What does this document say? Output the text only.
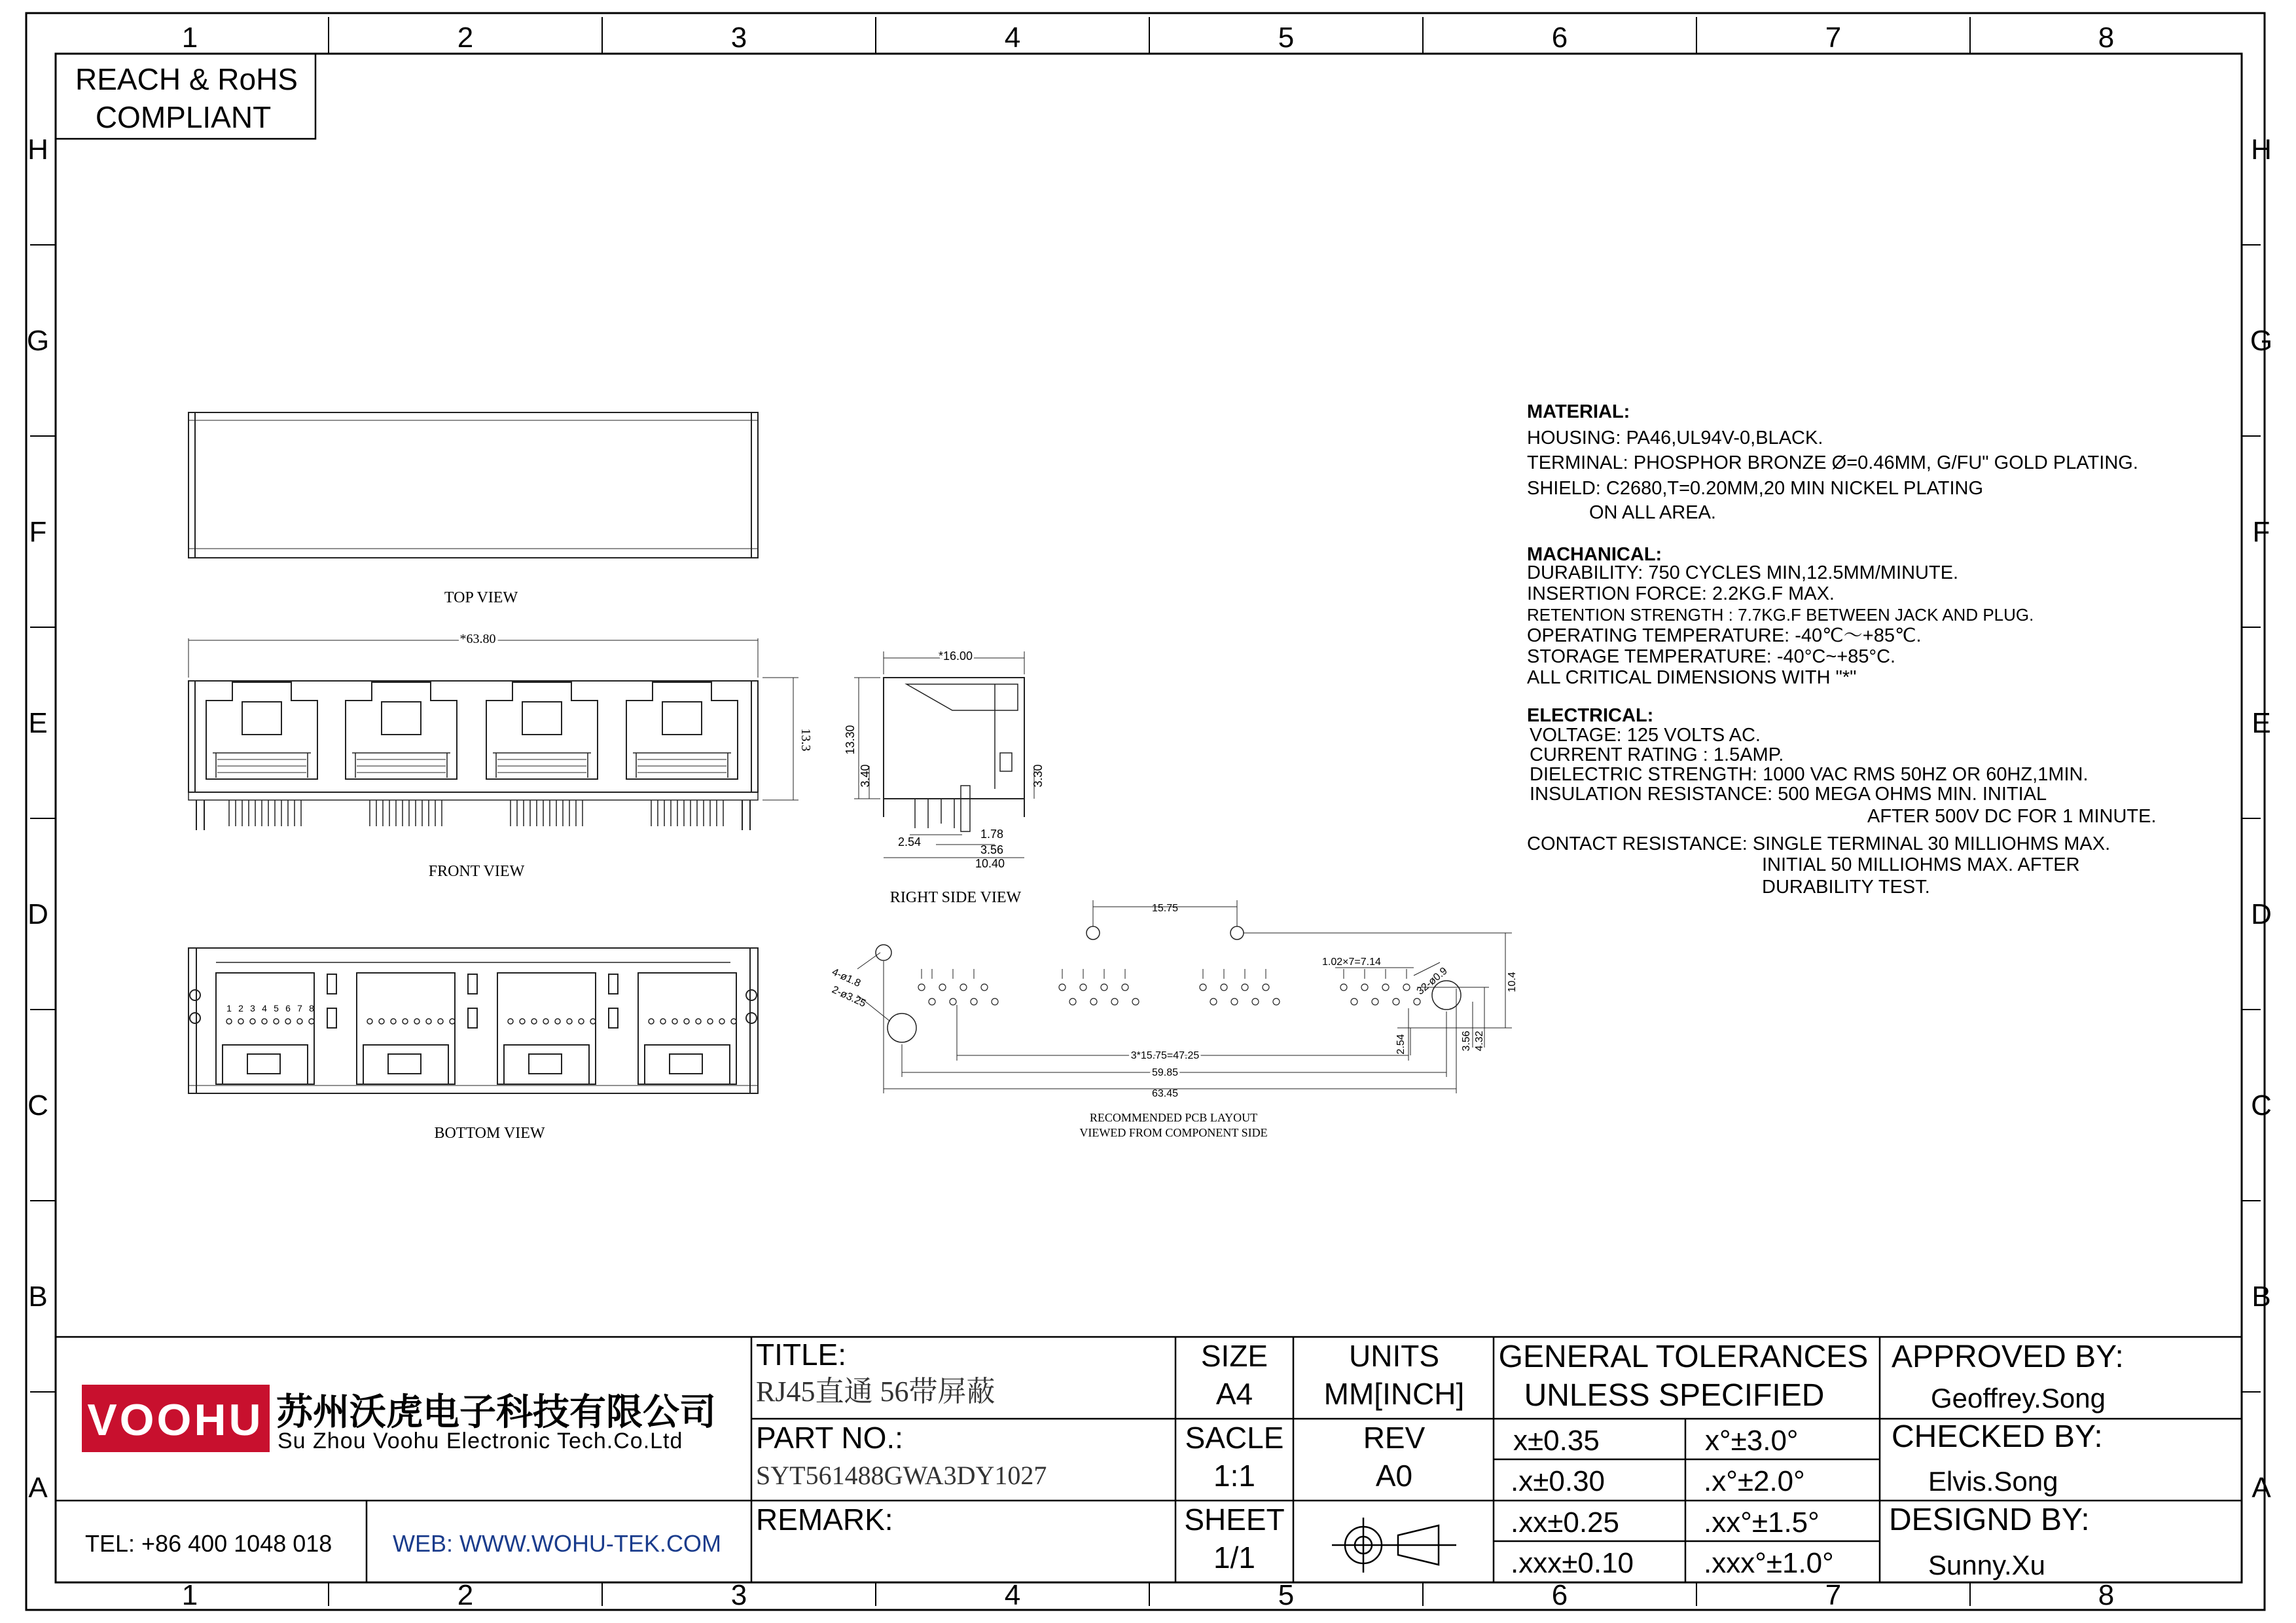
1	2	3	4	5	6	7	8
1	2	3	4	5	6	7	8
H
G
F
E
D
C
B
A
H
G
F
E
D
C
B
A
REACH & RoHS
COMPLIANT
TOP VIEW
*63.80
13.3
FRONT VIEW
1 2 3 4 5 6 7 8
BOTTOM VIEW
*16.00
13.30
3.40	3.30
1.78
2.54
3.56
10.40
RIGHT SIDE VIEW
15.75
1.02×7=7.14
4-ø1.8
2-ø3.25	32-ø0.9	10.4
2.54	3.56 4.32
3*15.75=47.25
59.85
63.45
RECOMMENDED PCB LAYOUT
VIEWED FROM COMPONENT SIDE
MATERIAL:
HOUSING: PA46,UL94V-0,BLACK.
TERMINAL: PHOSPHOR BRONZE Ø=0.46MM, G/FU" GOLD PLATING.
SHIELD: C2680,T=0.20MM,20 MIN NICKEL PLATING
ON ALL AREA.
MACHANICAL:
DURABILITY: 750 CYCLES MIN,12.5MM/MINUTE.
INSERTION FORCE: 2.2KG.F MAX.
RETENTION STRENGTH : 7.7KG.F BETWEEN JACK AND PLUG.
OPERATING TEMPERATURE: -40℃～+85℃.
STORAGE TEMPERATURE: -40°C~+85°C.
ALL CRITICAL DIMENSIONS WITH "*"
ELECTRICAL:
VOLTAGE: 125 VOLTS AC.
CURRENT RATING : 1.5AMP.
DIELECTRIC STRENGTH: 1000 VAC RMS 50HZ OR 60HZ,1MIN.
INSULATION RESISTANCE: 500 MEGA OHMS MIN. INITIAL
AFTER 500V DC FOR 1 MINUTE.
CONTACT RESISTANCE: SINGLE TERMINAL 30 MILLIOHMS MAX.
INITIAL 50 MILLIOHMS MAX. AFTER
DURABILITY TEST.
VOOHU 苏州沃虎电子科技有限公司
Su Zhou Voohu Electronic Tech.Co.Ltd
TEL: +86 400 1048 018	WEB: WWW.WOHU-TEK.COM
TITLE:
RJ45直通 56带屏蔽
PART NO.:
SYT561488GWA3DY1027
REMARK:
SIZE
A4
UNITS
MM[INCH]
SACLE
1:1
REV
A0
SHEET
1/1
GENERAL TOLERANCES
UNLESS SPECIFIED
x±0.35	x°±3.0°
.x±0.30	.x°±2.0°
.xx±0.25	.xx°±1.5°
.xxx±0.10 .xxx°±1.0°
APPROVED BY:
Geoffrey.Song
CHECKED BY:
Elvis.Song
DESIGND BY:
Sunny.Xu
